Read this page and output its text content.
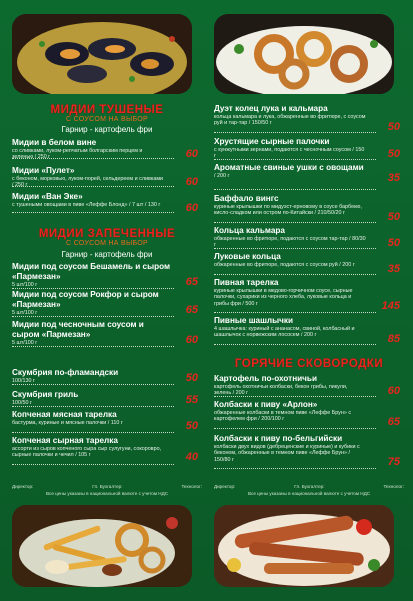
МИДИИ ТУШЕНЫЕ
С СОУСОМ НА ВЫБОР
Гарнир - картофель фри
Мидии в белом вине
со сливками, луком-репчатым болгарским перцем и зеленью / 250 г	60
Мидии «Пулет»
с беконом, морковью, луком-порей, сельдереем и сливками / 250 г	60
Мидии «Ван Эке»
с тушеными овощами в пиве «Леффе Блонд» / 7 шт / 130 г	60
МИДИИ ЗАПЕЧЕННЫЕ
С СОУСОМ НА ВЫБОР
Гарнир - картофель фри
Мидии под соусом Бешамель и сыром «Пармезан»
5 шт/100 г	65
Мидии под соусом Рокфор и сыром «Пармезан»
5 шт/100 г	65
Мидии под чесночным соусом и сыром «Пармезан»
5 шт/100 г	60
Скумбрия по-фламандски
100/130 г	50
Скумбрия гриль
100/50 г	55
Копченая мясная тарелка
бастурма, куриные и мясные палочки / 110 г	50
Копченая сырная тарелка
ассорти из сыров копченого сыра сыр сулугуни, сокоровро, сырные палочки и чечил / 105 г	40
Директор:	Гл. Бухгалтер:	Технолог:
Все цены указаны в национальной валюте с учетом НДС
Дуэт колец лука и кальмара
кольца кальмара и лука, обжаренные во фритюре, с соусом руй и тар-тар / 150/50 г	50
Хрустящие сырные палочки
с кунжутными зернами, подаются с чесночным соусом / 150 г	50
Ароматные свиные ушки с овощами
/ 200 г	35
Баффало вингс
куриные крылышки по мидуэст-ерновому в соусе барбекю, кисло-сладком или остром по-Китайски / 210/50/20 г	50
Кольца кальмара
обжаренные во фритюре, подаются с соусом тар-тар / 80/30 г	50
Луковые кольца
обжаренные во фритюре, подаются с соусом руй / 200 г	35
Пивная тарелка
куриные крылышки в медово-горчичном соусе, сырные палочки, сухарики из черного хлеба, луковые кольца и грибы фри / 500 г	145
Пивные шашлычки
4 шашлычка: куриный с ананасом, свиной, колбасный и шашлычок с норвежским лососем / 200 г	85
ГОРЯЧИЕ СКОВОРОДКИ
Картофель по-охотничьи
картофель охотничьи колбаски, бекон грибы, пикули, зелень / 200 г	60
Колбаски к пиву «Арлон»
обжаренные колбаски в темном пиве «Леффе Брун» с картофелем фри / 200/100 г	65
Колбаски к пиву по-бельгийски
колбаски двух видов (дебреценские и куриные) и кубики с беконом, обжаренные в темном пиве «Леффе Брун» / 150/80 г	75
Директор:	Гл. Бухгалтер:	Технолог:
Все цены указаны в национальной валюте с учетом НДС
